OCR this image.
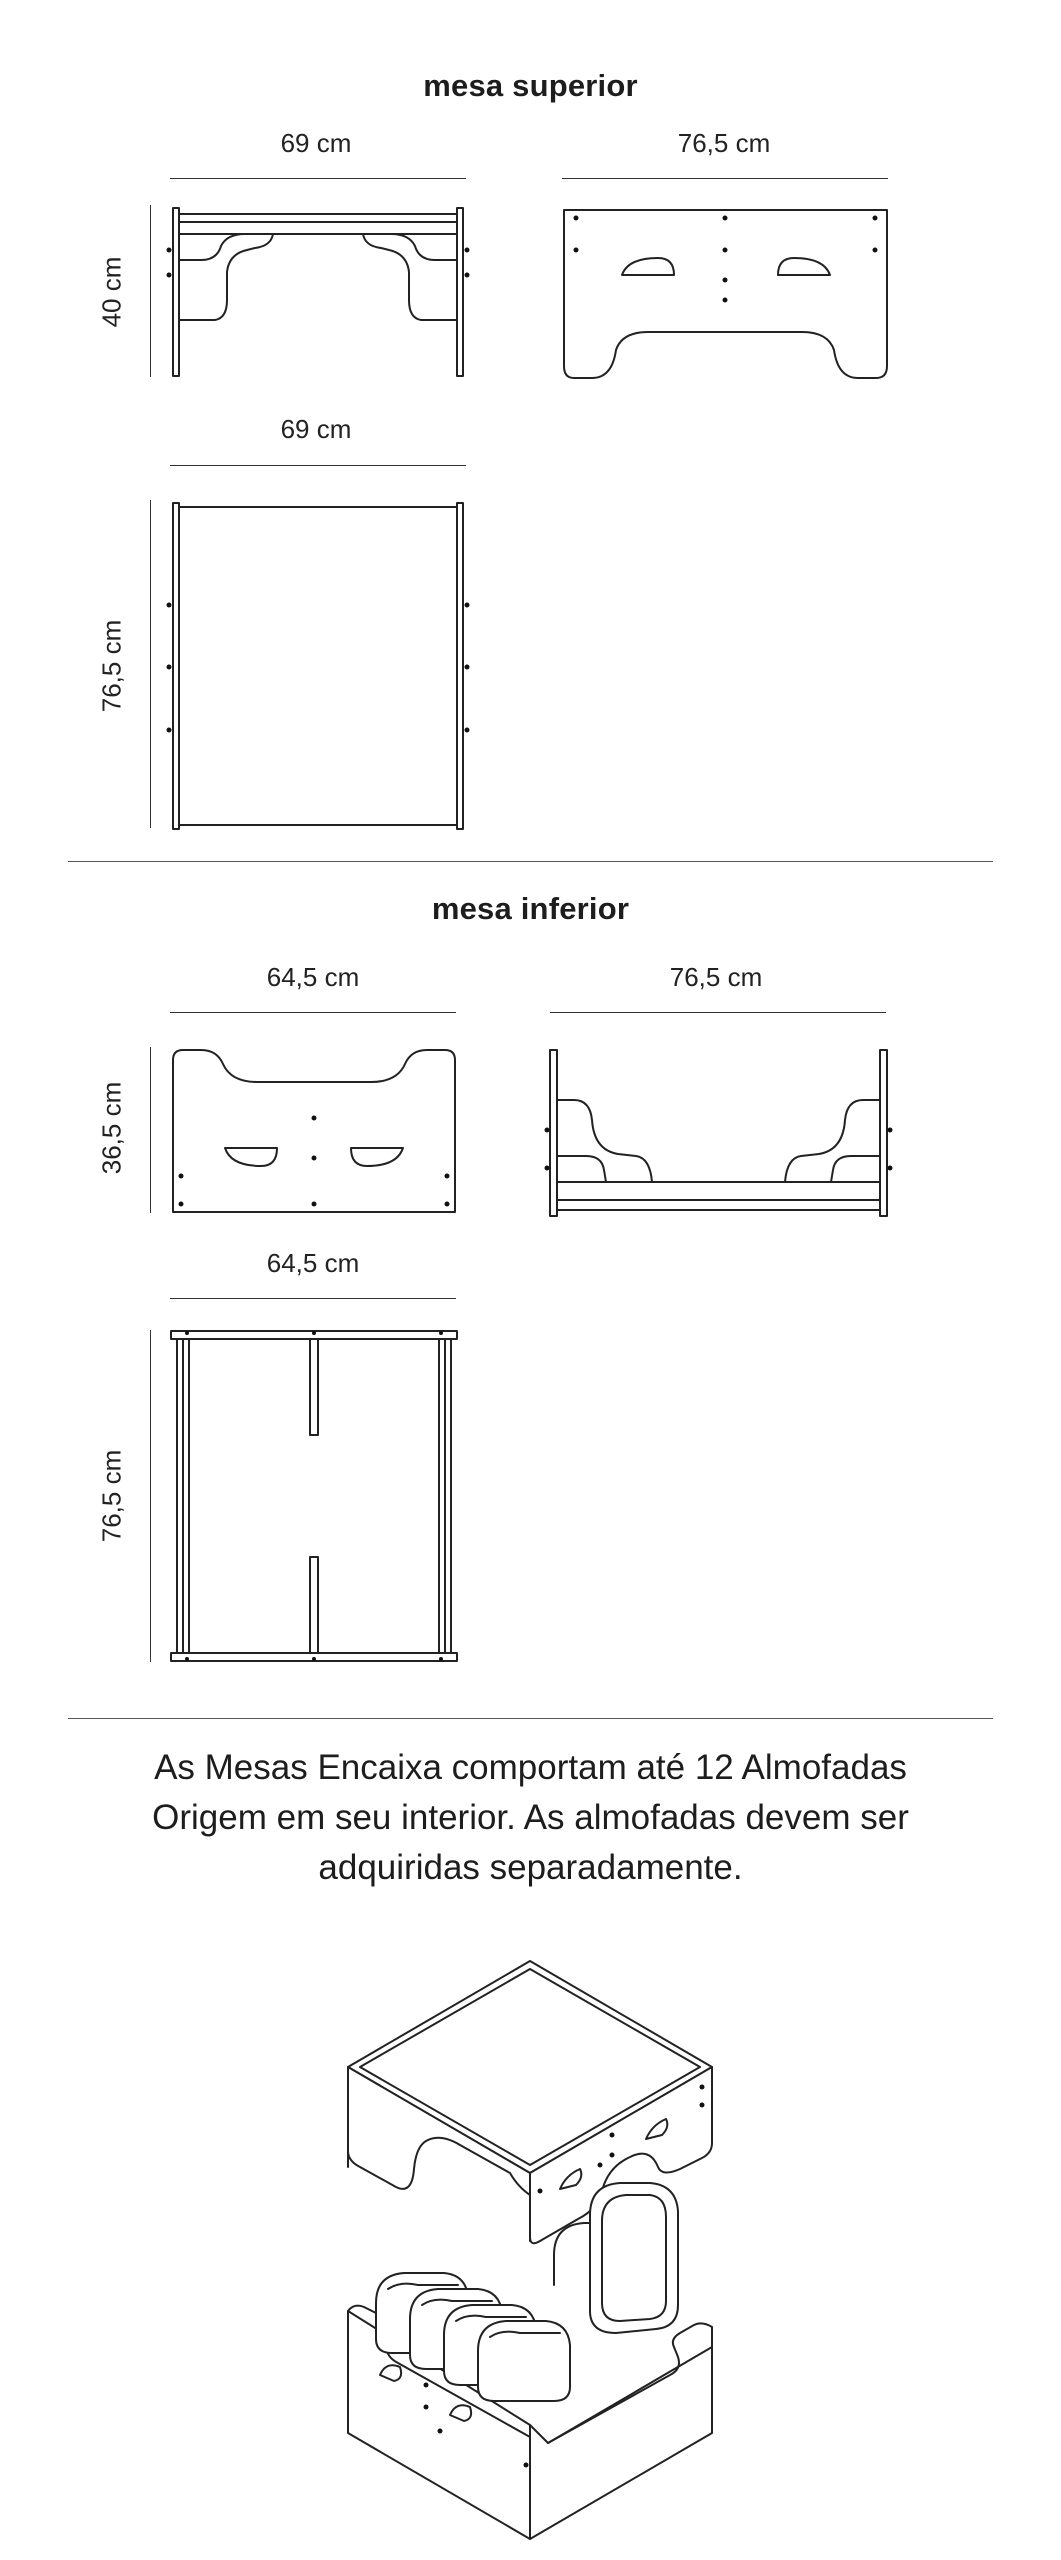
mesa superior
69 cm
40 cm
76,5 cm
69 cm
76,5 cm
mesa inferior
64,5 cm
36,5 cm
76,5 cm
64,5 cm
76,5 cm

As Mesas Encaixa comportam até 12 Almofadas Origem em seu interior. As almofadas devem ser adquiridas separadamente.
